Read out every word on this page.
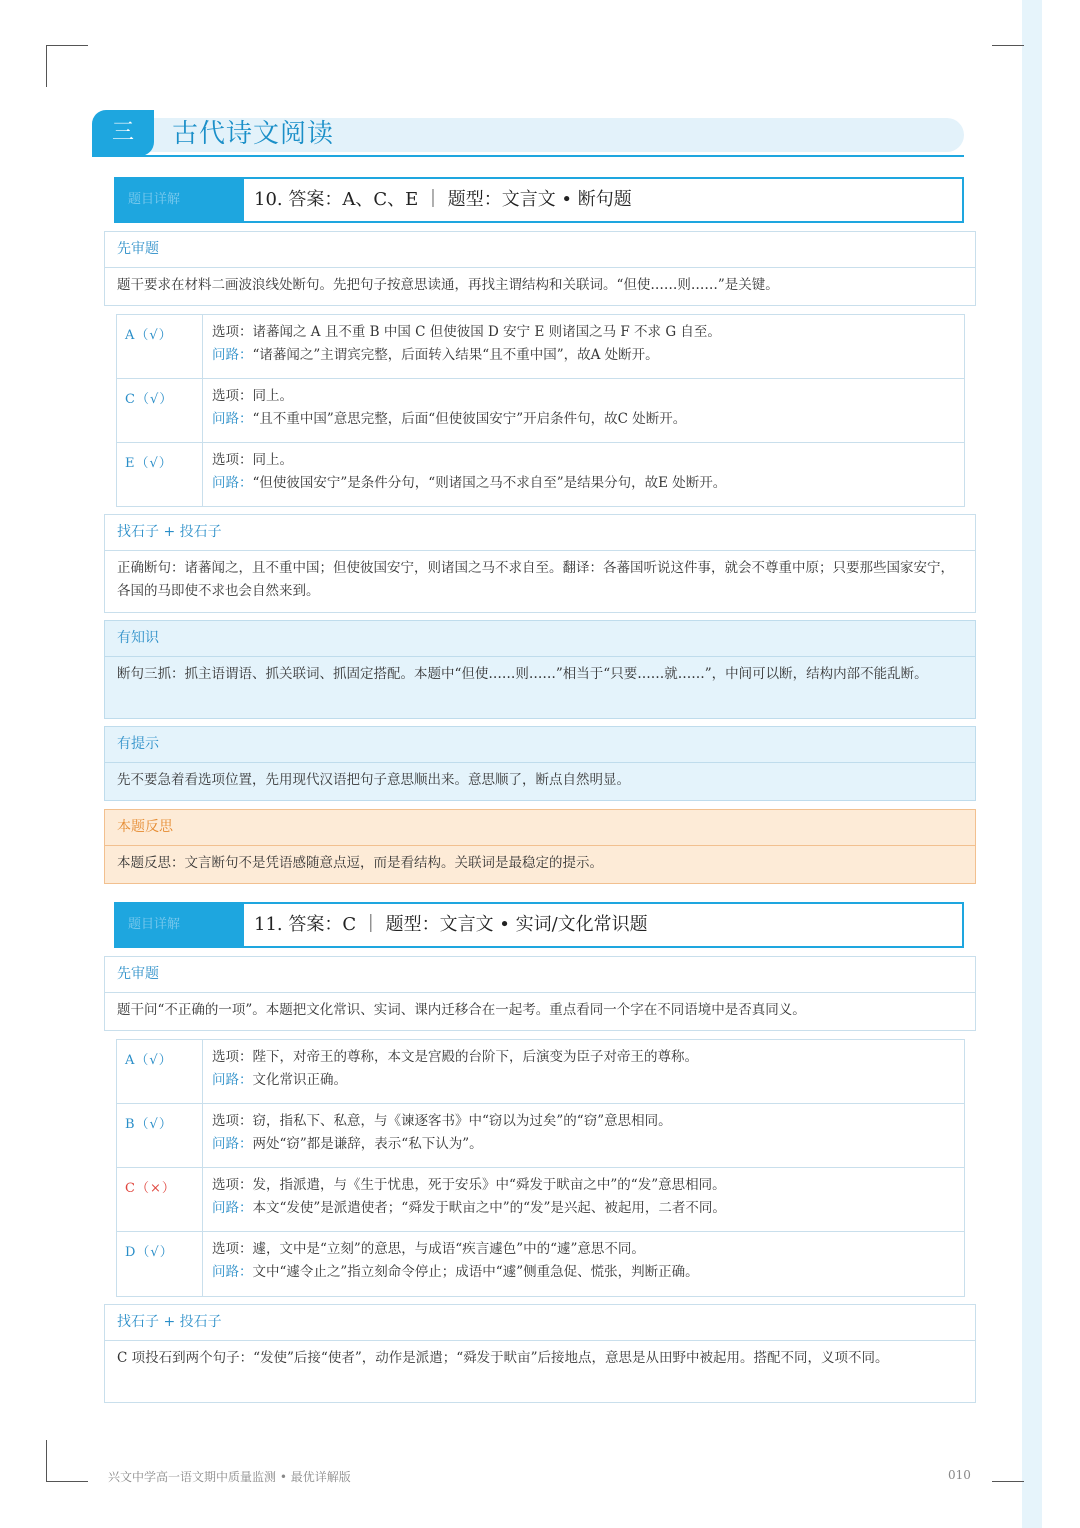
三	古代诗文阅读
题目详解	10. 答案：A、C、E ｜ 题型：文言文 • 断句题
先审题
题干要求在材料二画波浪线处断句。先把句子按意思读通，再找主谓结构和关联词。“但使……则……”是关键。
A（√）	选项：诸蕃闻之 A 且不重 B 中国 C 但使彼国 D 安宁 E 则诸国之马 F 不求 G 自至。
问路：“诸蕃闻之”主谓宾完整，后面转入结果“且不重中国”，故A 处断开。
C（√）	选项：同上。
问路：“且不重中国”意思完整，后面“但使彼国安宁”开启条件句，故C 处断开。
E（√）	选项：同上。
问路：“但使彼国安宁”是条件分句，“则诸国之马不求自至”是结果分句，故E 处断开。
找石子 + 投石子
正确断句：诸蕃闻之，且不重中国；但使彼国安宁，则诸国之马不求自至。翻译：各蕃国听说这件事，就会不尊重中原；只要那些国家安宁，各国的马即使不求也会自然来到。
有知识
断句三抓：抓主语谓语、抓关联词、抓固定搭配。本题中“但使……则……”相当于“只要……就……”，中间可以断，结构内部不能乱断。
有提示
先不要急着看选项位置，先用现代汉语把句子意思顺出来。意思顺了，断点自然明显。
本题反思
本题反思：文言断句不是凭语感随意点逗，而是看结构。关联词是最稳定的提示。
题目详解	11. 答案：C ｜ 题型：文言文 • 实词/文化常识题
先审题
题干问“不正确的一项”。本题把文化常识、实词、课内迁移合在一起考。重点看同一个字在不同语境中是否真同义。
A（√）	选项：陛下，对帝王的尊称，本文是宫殿的台阶下，后演变为臣子对帝王的尊称。
问路：文化常识正确。
B（√）	选项：窃，指私下、私意，与《谏逐客书》中“窃以为过矣”的“窃”意思相同。
问路：两处“窃”都是谦辞，表示“私下认为”。
C（×）	选项：发，指派遣，与《生于忧患，死于安乐》中“舜发于畎亩之中”的“发”意思相同。
问路：本文“发使”是派遣使者；“舜发于畎亩之中”的“发”是兴起、被起用，二者不同。
D（√）	选项：遽，文中是“立刻”的意思，与成语“疾言遽色”中的“遽”意思不同。
问路：文中“遽令止之”指立刻命令停止；成语中“遽”侧重急促、慌张，判断正确。
找石子 + 投石子
C 项投石到两个句子：“发使”后接“使者”，动作是派遣；“舜发于畎亩”后接地点，意思是从田野中被起用。搭配不同，义项不同。
兴文中学高一语文期中质量监测 • 最优详解版	010
